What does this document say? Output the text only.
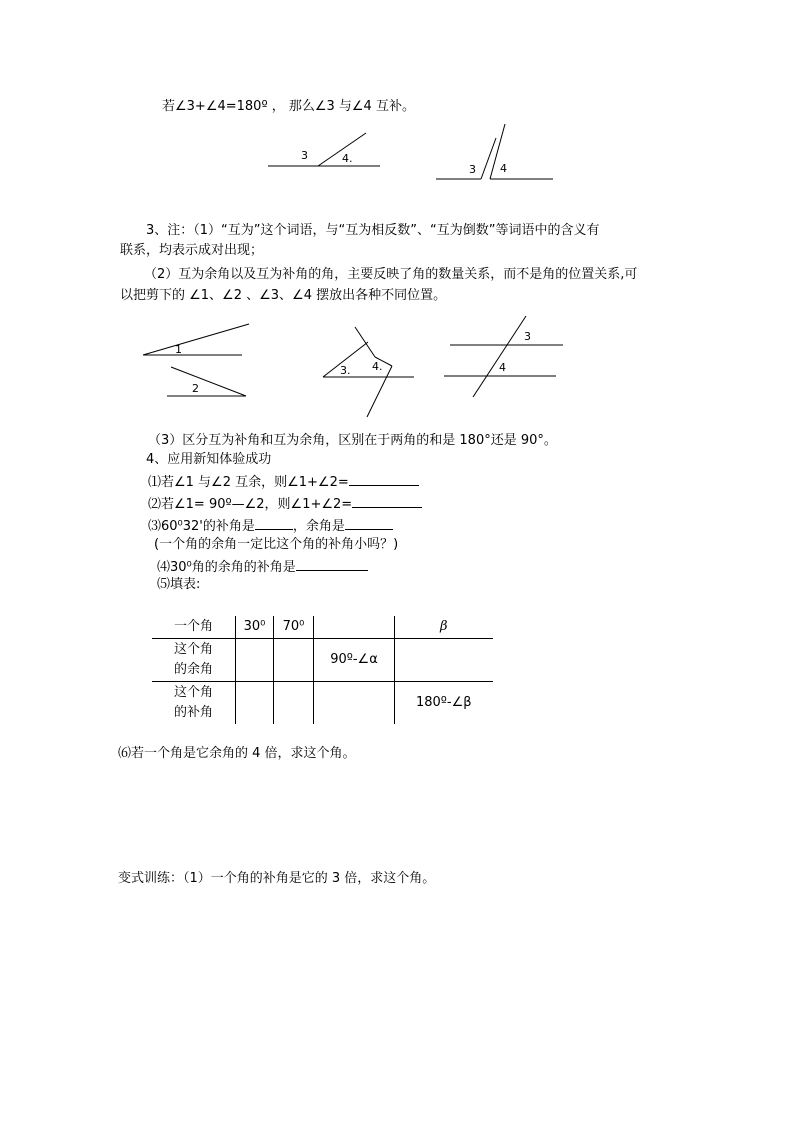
若∠3+∠4=180º ， 那么∠3 与∠4 互补。
3	4.
3 4
3、注：（1）“互为”这个词语，与“互为相反数”、“互为倒数”等词语中的含义有
联系，均表示成对出现；
（2）互为余角以及互为补角的角，主要反映了角的数量关系，而不是角的位置关系,可
以把剪下的 ∠1、∠2 、∠3、∠4 摆放出各种不同位置。
1
2
3. 4.
3
4
（3）区分互为补角和互为余角，区别在于两角的和是 180°还是 90°。
4、应用新知体验成功
⑴若∠1 与∠2 互余，则∠1+∠2=
⑵若∠1= 90º—∠2，则∠1+∠2=
⑶60⁰32'的补角是	，余角是
(一个角的余角一定比这个角的补角小吗？)
⑷30⁰角的余角的补角是
⑸填表:
一个角	30⁰	70⁰		β
这个角的余角			90º-∠α	
这个角的补角				180º-∠β
⑹若一个角是它余角的 4 倍，求这个角。
变式训练：（1）一个角的补角是它的 3 倍，求这个角。
